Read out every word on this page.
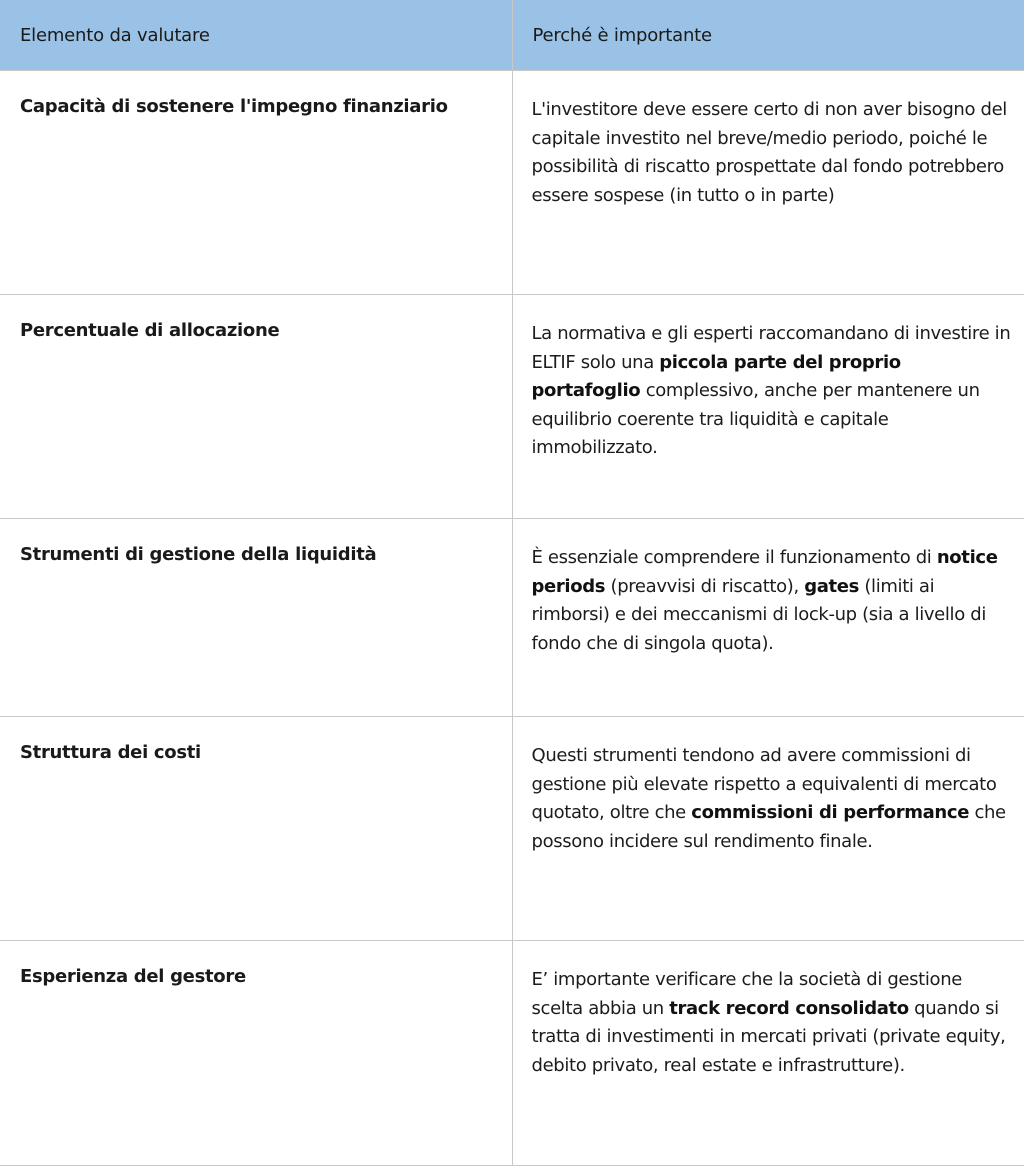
Elemento da valutare	Perché è importante
Capacità di sostenere l'impegno finanziario	L'investitore deve essere certo di non aver bisogno del capitale investito nel breve/medio periodo, poiché le possibilità di riscatto prospettate dal fondo potrebbero essere sospese (in tutto o in parte)
Percentuale di allocazione	La normativa e gli esperti raccomandano di investire in ELTIF solo una piccola parte del proprio portafoglio complessivo, anche per mantenere un equilibrio coerente tra liquidità e capitale immobilizzato.
Strumenti di gestione della liquidità	È essenziale comprendere il funzionamento di notice periods (preavvisi di riscatto), gates (limiti ai rimborsi) e dei meccanismi di lock-up (sia a livello di fondo che di singola quota).
Struttura dei costi	Questi strumenti tendono ad avere commissioni di gestione più elevate rispetto a equivalenti di mercato quotato, oltre che commissioni di performance che possono incidere sul rendimento finale.
Esperienza del gestore	E’ importante verificare che la società di gestione scelta abbia un track record consolidato quando si tratta di investimenti in mercati privati (private equity, debito privato, real estate e infrastrutture).
